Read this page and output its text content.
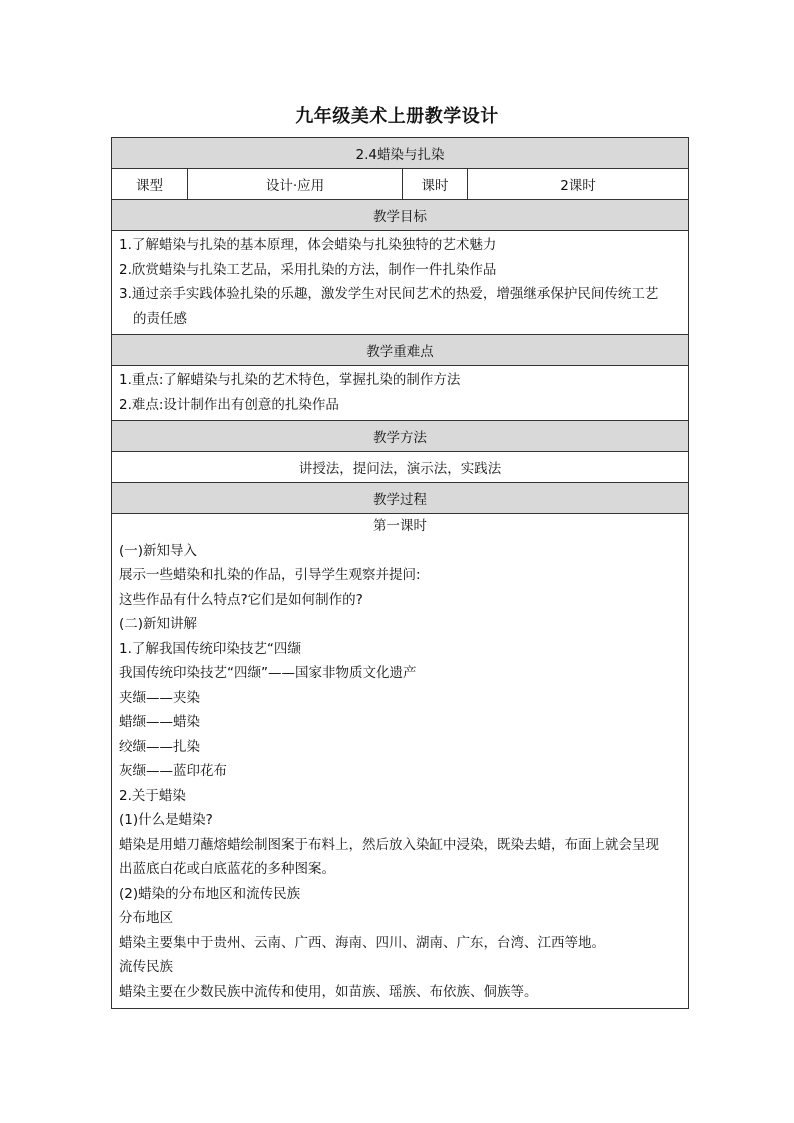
九年级美术上册教学设计
2.4蜡染与扎染
课型	设计·应用	课时	2课时
教学目标

1.了解蜡染与扎染的基本原理，体会蜡染与扎染独特的艺术魅力
2.欣赏蜡染与扎染工艺品，采用扎染的方法，制作一件扎染作品
3.通过亲手实践体验扎染的乐趣，激发学生对民间艺术的热爱，增强继承保护民间传统工艺
的责任感

教学重难点

1.重点:了解蜡染与扎染的艺术特色，掌握扎染的制作方法
2.难点:设计制作出有创意的扎染作品

教学方法
讲授法，提问法，演示法，实践法
教学过程

第一课时
(一)新知导入
展示一些蜡染和扎染的作品，引导学生观察并提问:
这些作品有什么特点?它们是如何制作的?
(二)新知讲解
1.了解我国传统印染技艺“四缬
我国传统印染技艺“四缬”——国家非物质文化遗产
夹缬——夹染
蜡缬——蜡染
绞缬——扎染
灰缬——蓝印花布
2.关于蜡染
(1)什么是蜡染?
蜡染是用蜡刀蘸熔蜡绘制图案于布料上，然后放入染缸中浸染，既染去蜡，布面上就会呈现
出蓝底白花或白底蓝花的多种图案。
(2)蜡染的分布地区和流传民族
分布地区
蜡染主要集中于贵州、云南、广西、海南、四川、湖南、广东，台湾、江西等地。
流传民族
蜡染主要在少数民族中流传和使用，如苗族、瑶族、布依族、侗族等。
